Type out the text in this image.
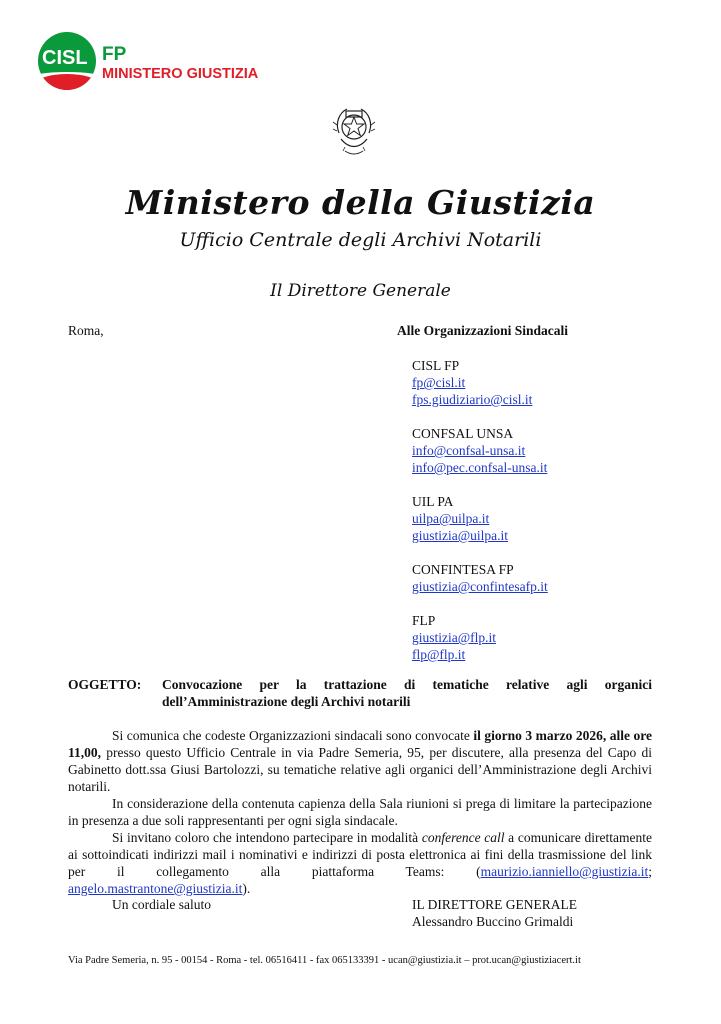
CISL FP
MINISTERO GIUSTIZIA
Ministero della Giustizia
Ufficio Centrale degli Archivi Notarili
Il Direttore Generale
Roma,	Alle Organizzazioni Sindacali
CISL FP
fp@cisl.it
fps.giudiziario@cisl.it
CONFSAL UNSA
info@confsal-unsa.it
info@pec.confsal-unsa.it
UIL PA
uilpa@uilpa.it
giustizia@uilpa.it
CONFINTESA FP
giustizia@confintesafp.it
FLP
giustizia@flp.it
flp@flp.it
OGGETTO: Convocazione per la trattazione di tematiche relative agli organici dell’Amministrazione degli Archivi notarili
Si comunica che codeste Organizzazioni sindacali sono convocate il giorno 3 marzo 2026, alle ore 11,00, presso questo Ufficio Centrale in via Padre Semeria, 95, per discutere, alla presenza del Capo di Gabinetto dott.ssa Giusi Bartolozzi, su tematiche relative agli organici dell’Amministrazione degli Archivi notarili.
In considerazione della contenuta capienza della Sala riunioni si prega di limitare la partecipazione in presenza a due soli rappresentanti per ogni sigla sindacale.
Si invitano coloro che intendono partecipare in modalità conference call a comunicare direttamente ai sottoindicati indirizzi mail i nominativi e indirizzi di posta elettronica ai fini della trasmissione del link per il collegamento alla piattaforma Teams: (maurizio.ianniello@giustizia.it; angelo.mastrantone@giustizia.it).
Un cordiale saluto	IL DIRETTORE GENERALE
Alessandro Buccino Grimaldi
Via Padre Semeria, n. 95 - 00154 - Roma - tel. 06516411 - fax 065133391 - ucan@giustizia.it – prot.ucan@giustiziacert.it
